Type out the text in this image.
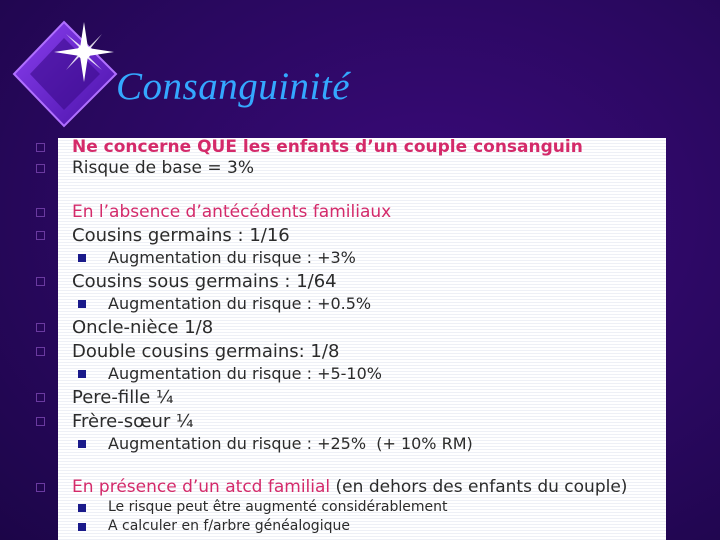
Consanguinité
Ne concerne QUE les enfants d’un couple consanguin
Risque de base = 3%
En l’absence d’antécédents familiaux
Cousins germains : 1/16
Augmentation du risque : +3%
Cousins sous germains : 1/64
Augmentation du risque : +0.5%
Oncle-nièce 1/8
Double cousins germains: 1/8
Augmentation du risque : +5-10%
Pere-fille ¼
Frère-sœur ¼
Augmentation du risque : +25%  (+ 10% RM)
En présence d’un atcd familial (en dehors des enfants du couple)
Le risque peut être augmenté considérablement
A calculer en f/arbre généalogique
